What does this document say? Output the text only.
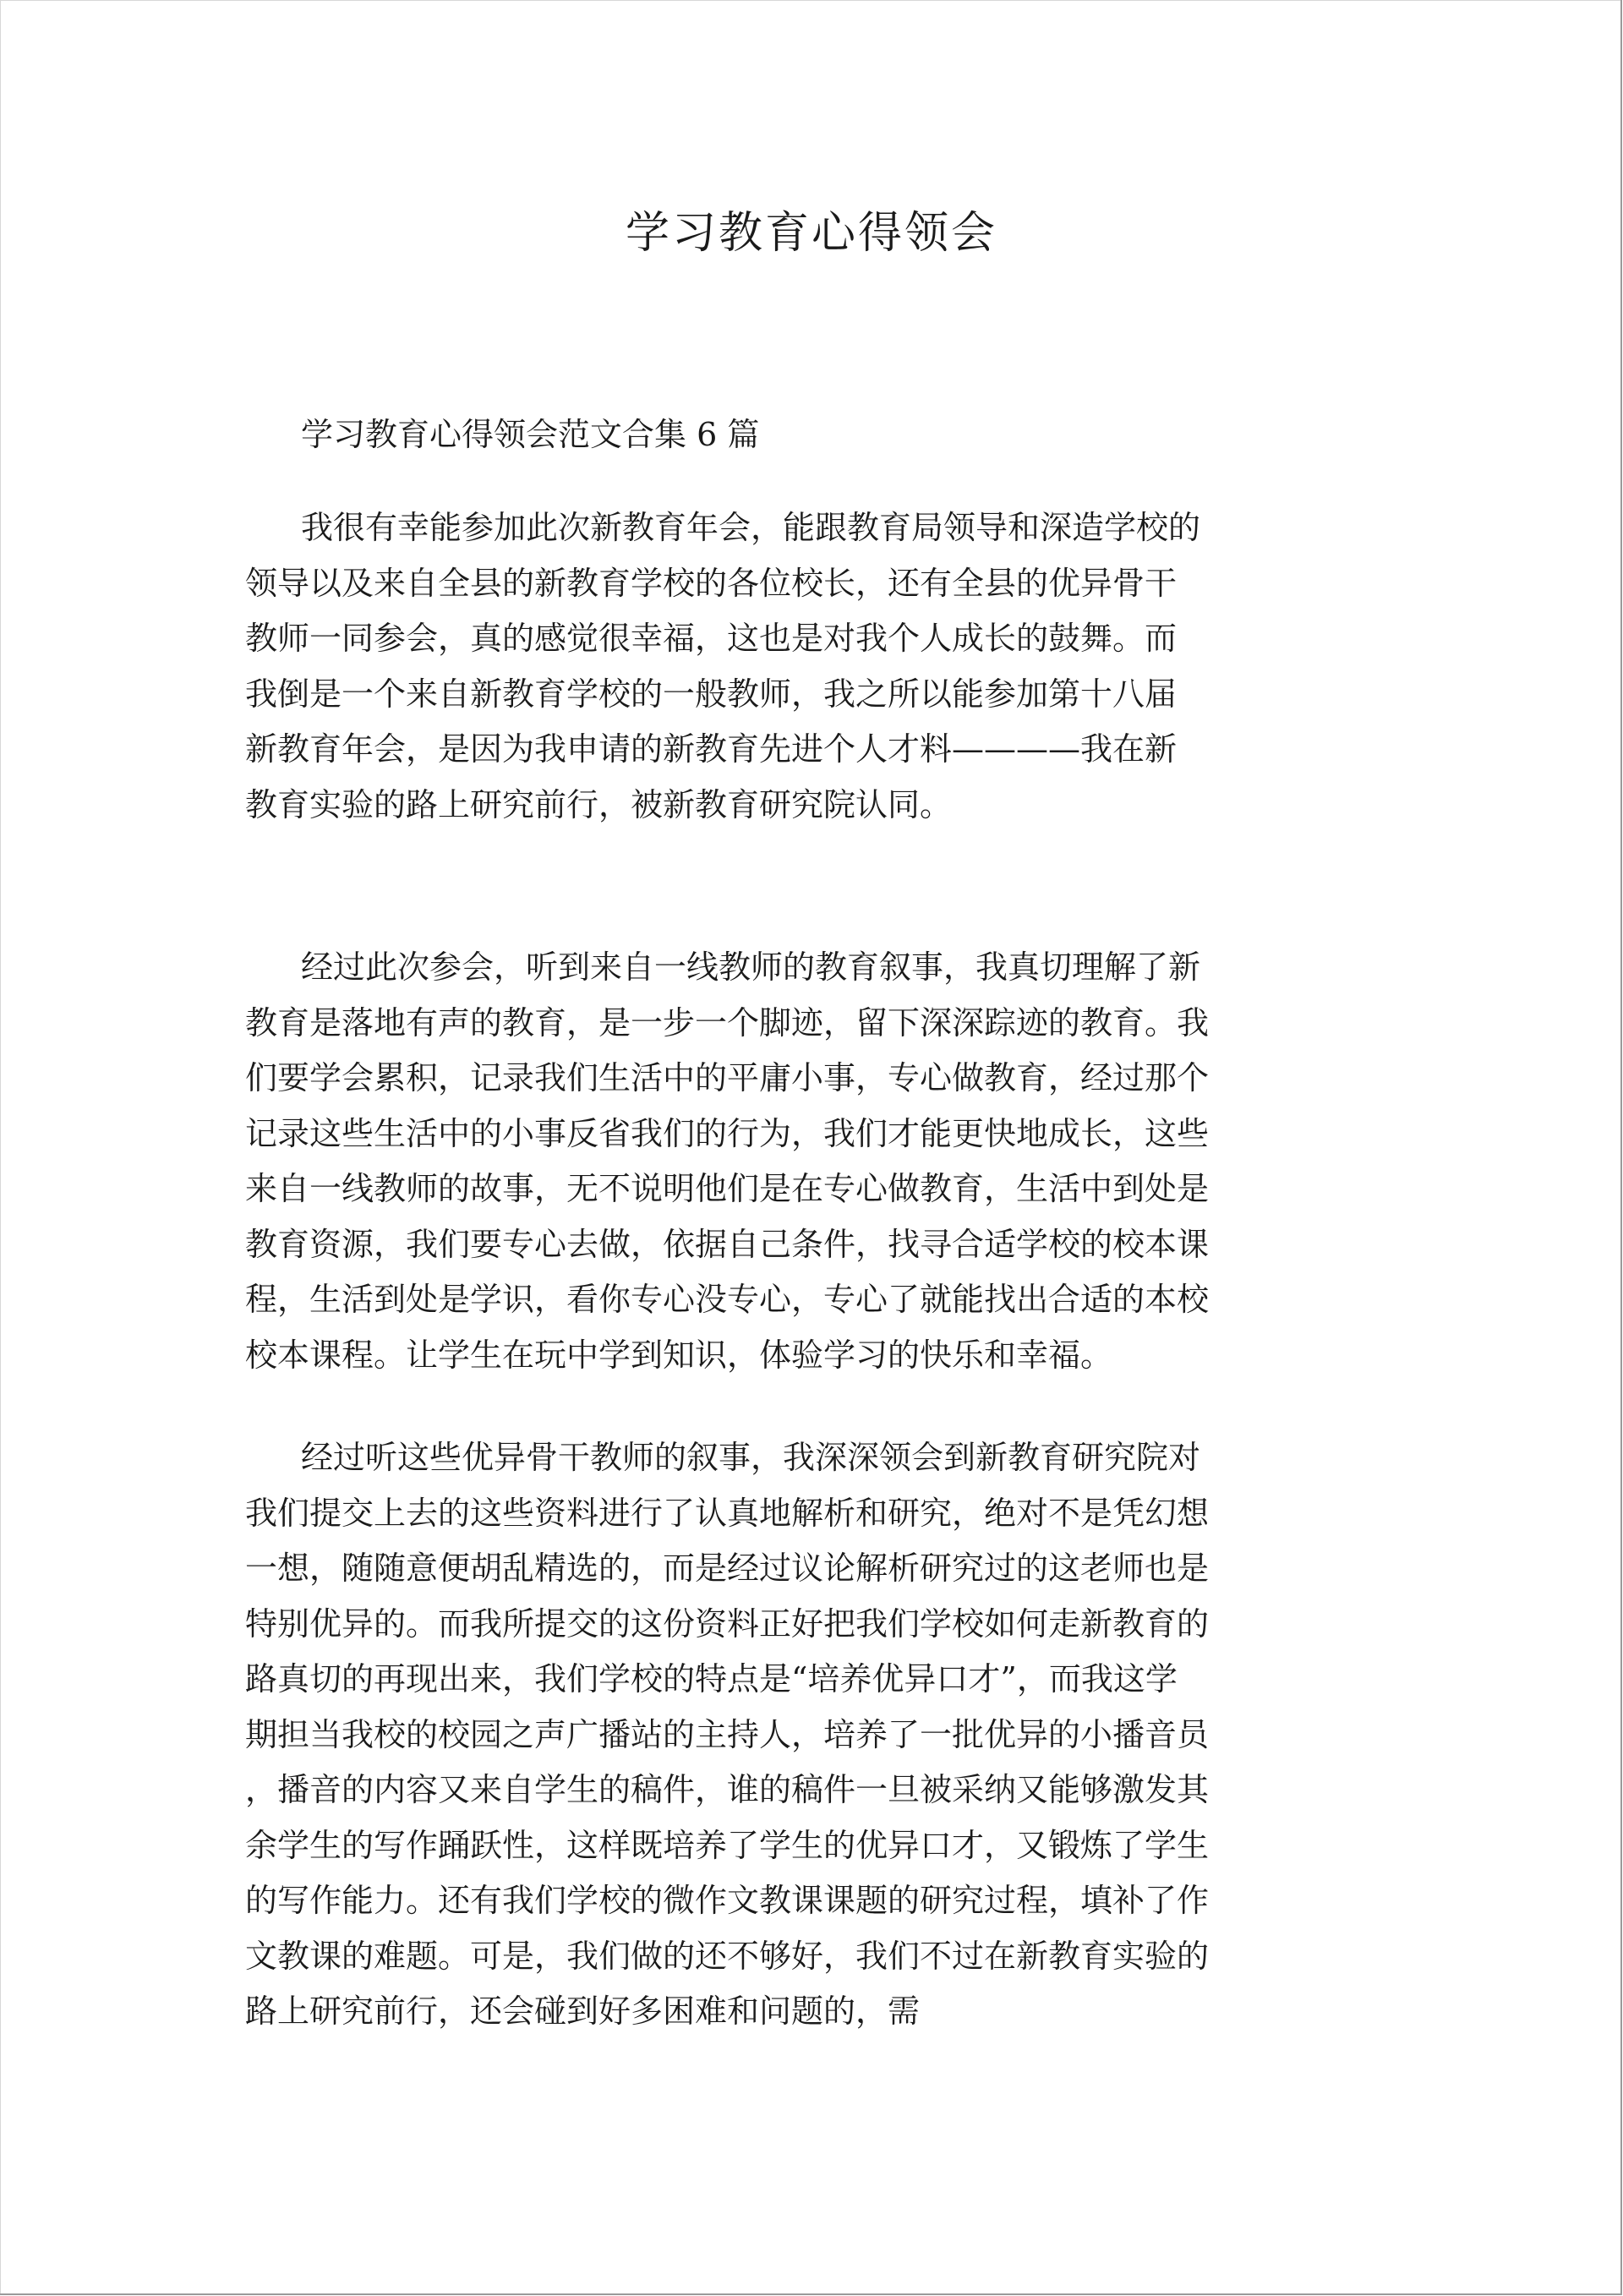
学习教育心得领会
学习教育心得领会范文合集 6 篇
我很有幸能参加此次新教育年会，能跟教育局领导和深造学校的
领导以及来自全县的新教育学校的各位校长，还有全县的优异骨干
教师一同参会，真的感觉很幸福，这也是对我个人成长的鼓舞。而
我倒是一个来自新教育学校的一般教师，我之所以能参加第十八届
新教育年会，是因为我申请的新教育先进个人才料————我在新
教育实验的路上研究前行，被新教育研究院认同。
经过此次参会，听到来自一线教师的教育叙事，我真切理解了新
教育是落地有声的教育，是一步一个脚迹，留下深深踪迹的教育。我
们要学会累积，记录我们生活中的平庸小事，专心做教育，经过那个
记录这些生活中的小事反省我们的行为，我们才能更快地成长，这些
来自一线教师的故事，无不说明他们是在专心做教育，生活中到处是
教育资源，我们要专心去做，依据自己条件，找寻合适学校的校本课
程，生活到处是学识，看你专心没专心，专心了就能找出合适的本校
校本课程。让学生在玩中学到知识，体验学习的快乐和幸福。
经过听这些优异骨干教师的叙事，我深深领会到新教育研究院对
我们提交上去的这些资料进行了认真地解析和研究，绝对不是凭幻想
一想，随随意便胡乱精选的，而是经过议论解析研究过的这老师也是
特别优异的。而我所提交的这份资料正好把我们学校如何走新教育的
路真切的再现出来，我们学校的特点是“培养优异口才”，而我这学
期担当我校的校园之声广播站的主持人，培养了一批优异的小播音员
，播音的内容又来自学生的稿件，谁的稿件一旦被采纳又能够激发其
余学生的写作踊跃性，这样既培养了学生的优异口才，又锻炼了学生
的写作能力。还有我们学校的微作文教课课题的研究过程，填补了作
文教课的难题。可是，我们做的还不够好，我们不过在新教育实验的
路上研究前行，还会碰到好多困难和问题的，需
